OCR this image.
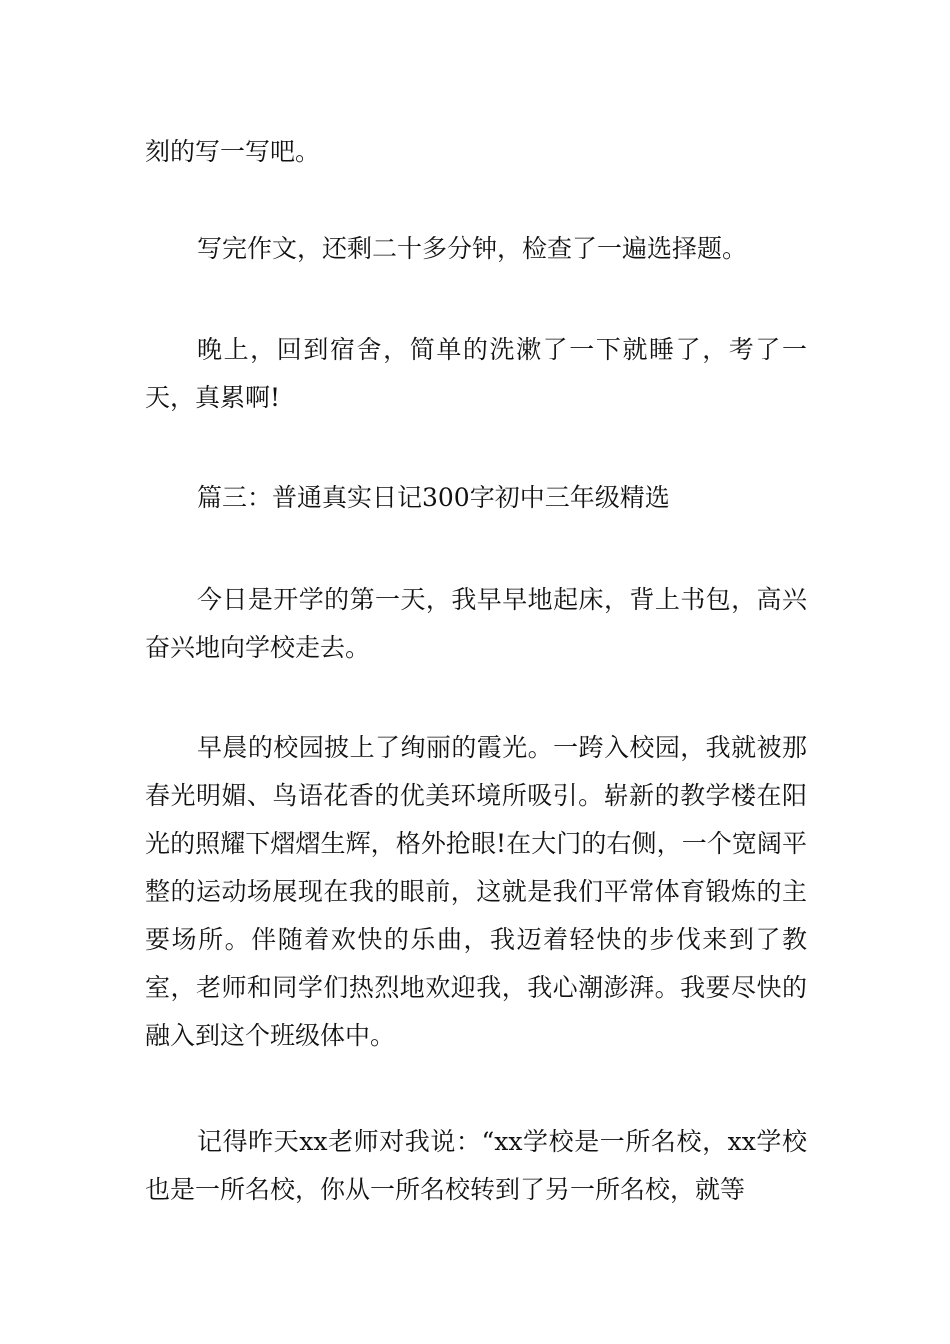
刻的写一写吧。

写完作文，还剩二十多分钟，检查了一遍选择题。

晚上，回到宿舍，简单的洗漱了一下就睡了，考了一天，真累啊!

篇三：普通真实日记300字初中三年级精选

今日是开学的第一天，我早早地起床，背上书包，高兴奋兴地向学校走去。

早晨的校园披上了绚丽的霞光。一跨入校园，我就被那春光明媚、鸟语花香的优美环境所吸引。崭新的教学楼在阳光的照耀下熠熠生辉，格外抢眼!在大门的右侧，一个宽阔平整的运动场展现在我的眼前，这就是我们平常体育锻炼的主要场所。伴随着欢快的乐曲，我迈着轻快的步伐来到了教室，老师和同学们热烈地欢迎我，我心潮澎湃。我要尽快的融入到这个班级体中。

记得昨天xx老师对我说：“xx学校是一所名校，xx学校也是一所名校，你从一所名校转到了另一所名校，就等
